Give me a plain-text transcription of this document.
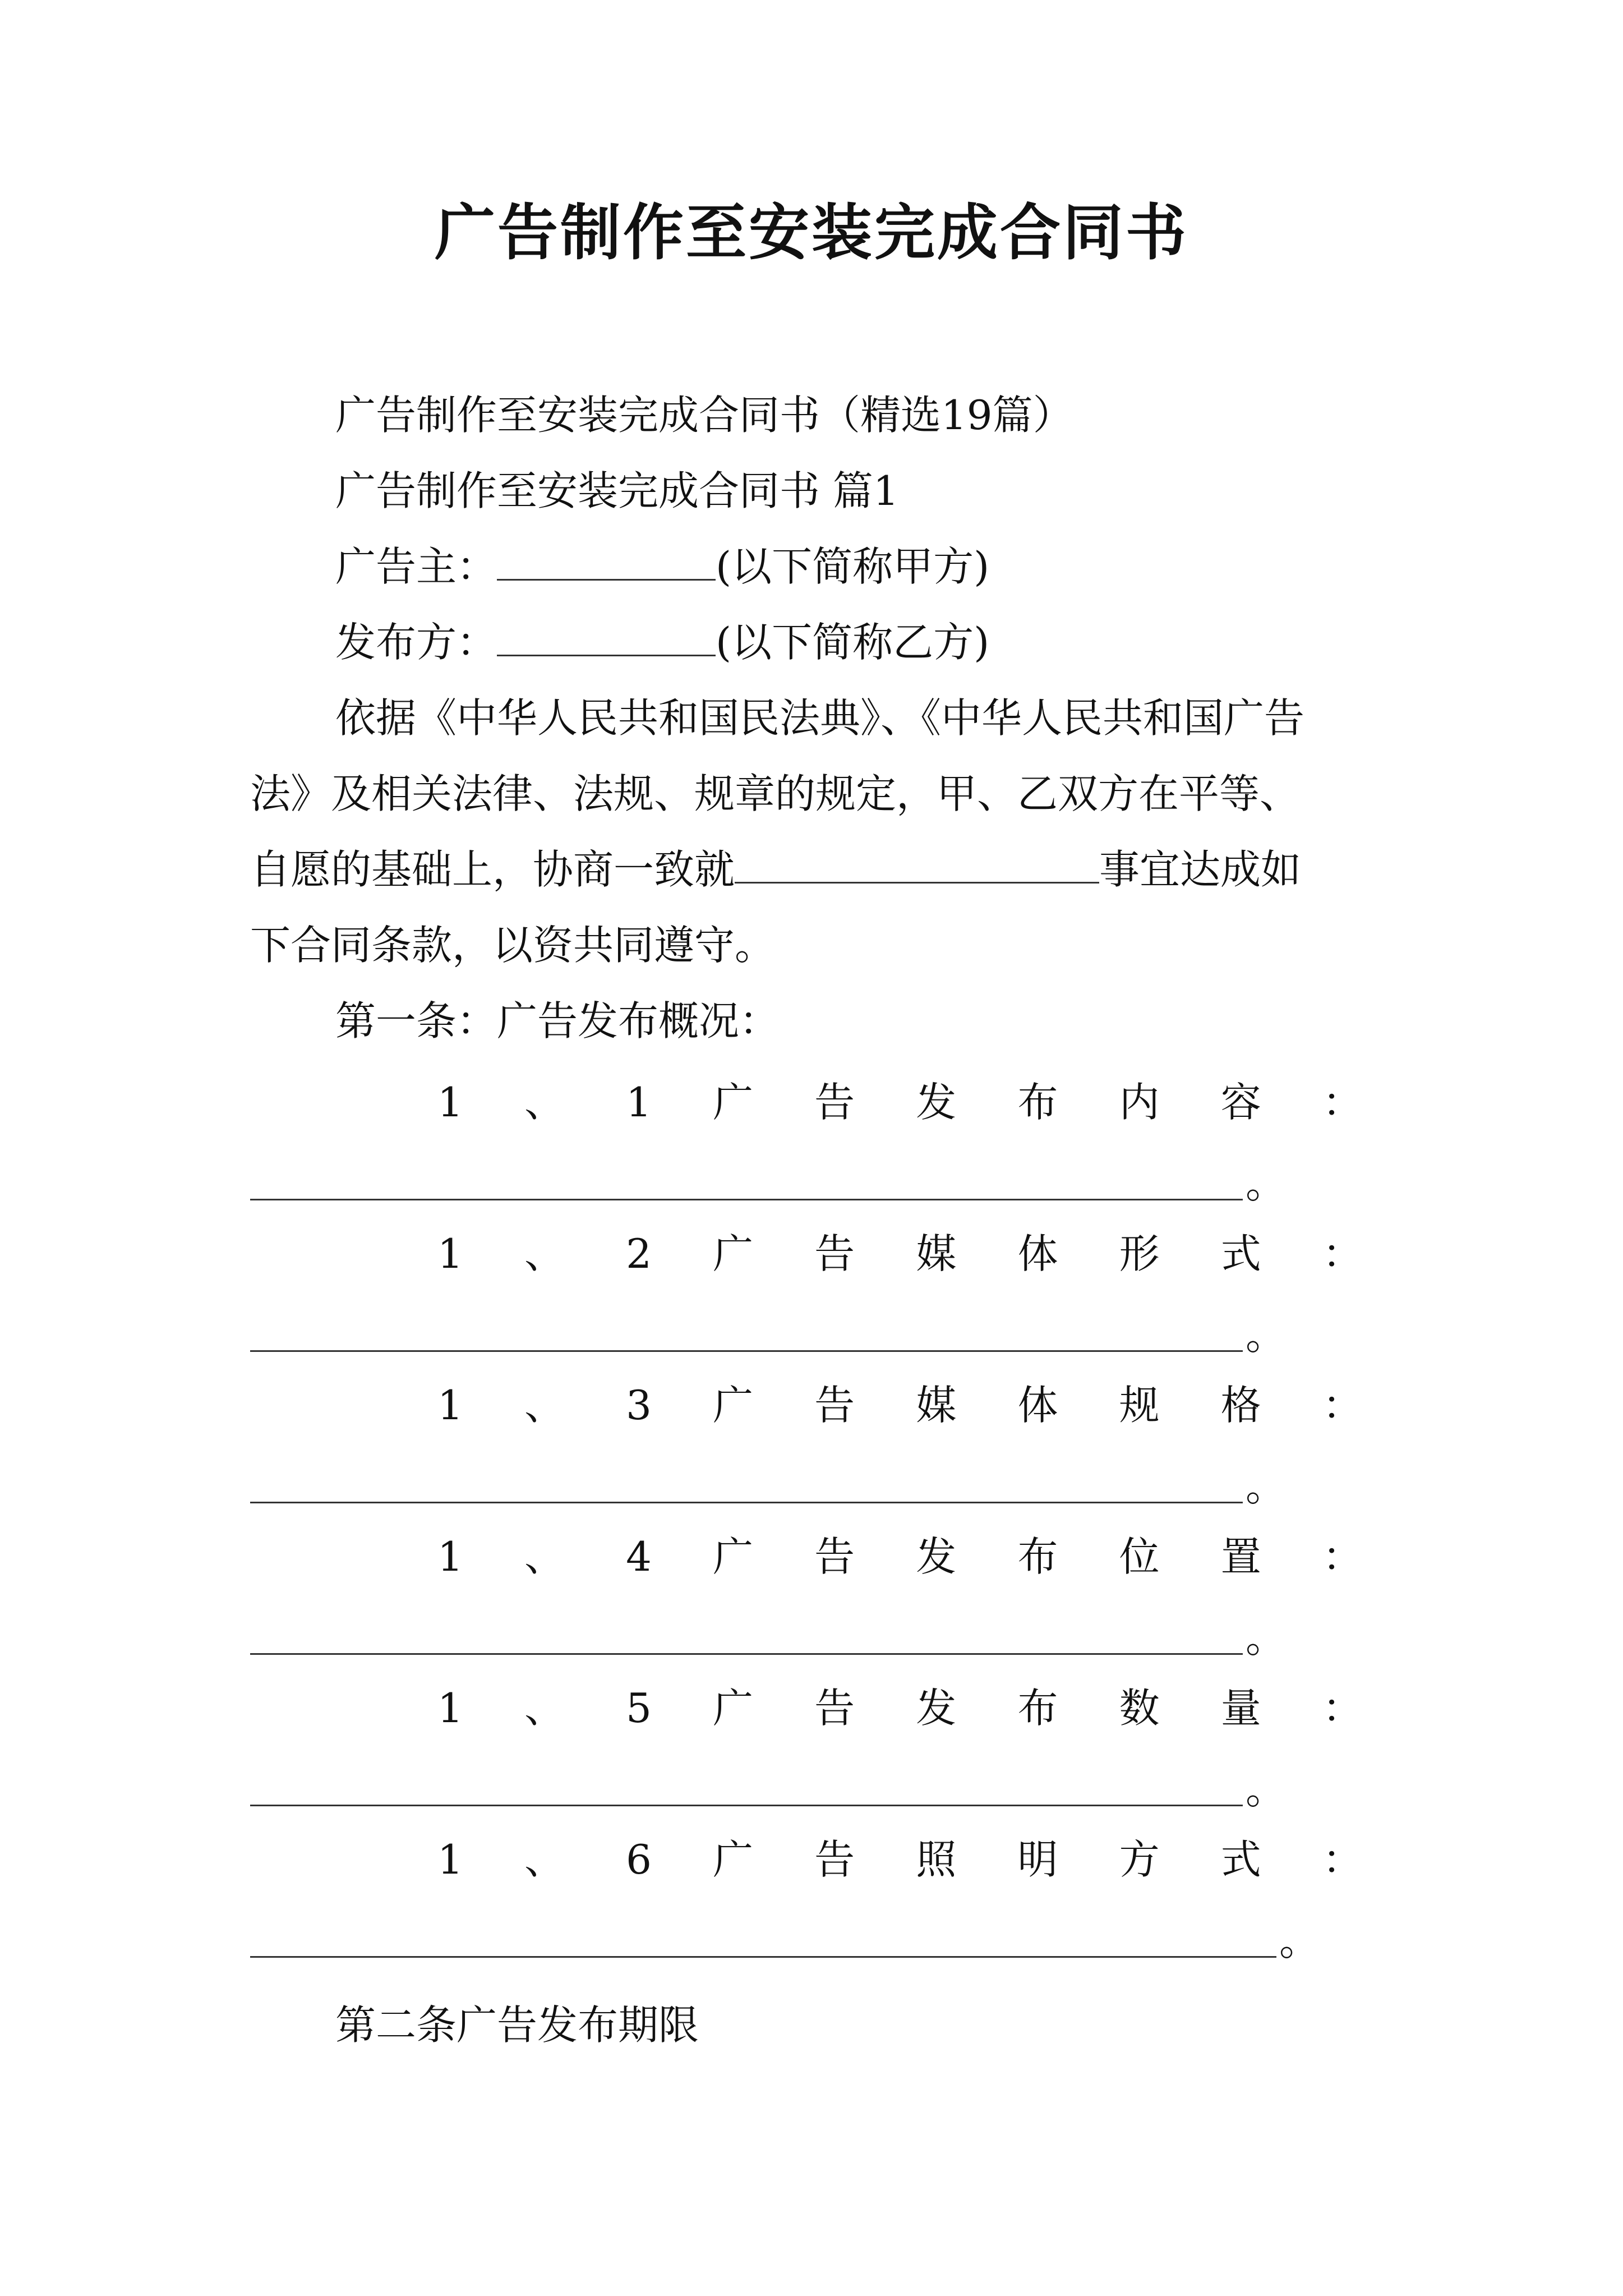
广告制作至安装完成合同书
广告制作至安装完成合同书（精选19篇）
广告制作至安装完成合同书 篇1
广告主：	(以下简称甲方)
发布方：	(以下简称乙方)
依据《中华人民共和国民法典》、《中华人民共和国广告
法》及相关法律、法规、规章的规定，甲、乙双方在平等、
自愿的基础上，协商一致就	事宜达成如
下合同条款，以资共同遵守。
第一条：广告发布概况：
1 、 1 广 告 发 布 内 容 ：
。
1 、 2 广 告 媒 体 形 式 ：
。
1 、 3 广 告 媒 体 规 格 ：
。
1 、 4 广 告 发 布 位 置 ：
。
1 、 5 广 告 发 布 数 量 ：
。
1 、 6 广 告 照 明 方 式 ：
。
第二条广告发布期限
